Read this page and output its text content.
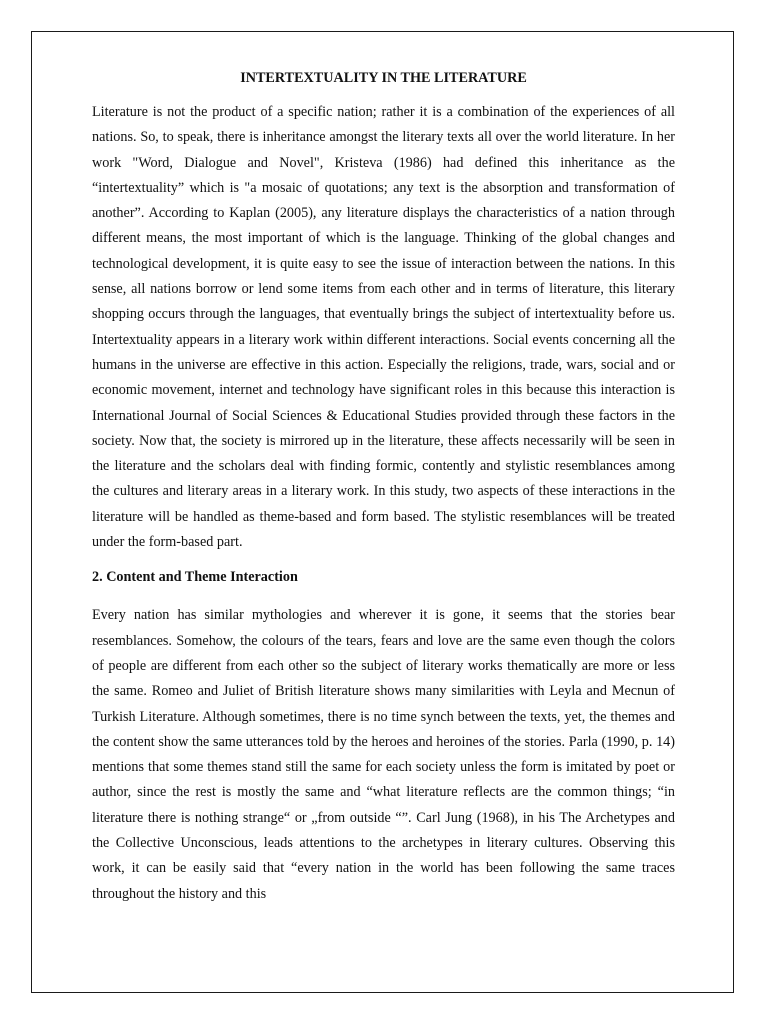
INTERTEXTUALITY IN THE LITERATURE

Literature is not the product of a specific nation; rather it is a combination of the experiences of all nations. So, to speak, there is inheritance amongst the literary texts all over the world literature. In her work "Word, Dialogue and Novel", Kristeva (1986) had defined this inheritance as the “intertextuality” which is "a mosaic of quotations; any text is the absorption and transformation of another”. According to Kaplan (2005), any literature displays the characteristics of a nation through different means, the most important of which is the language. Thinking of the global changes and technological development, it is quite easy to see the issue of interaction between the nations. In this sense, all nations borrow or lend some items from each other and in terms of literature, this literary shopping occurs through the languages, that eventually brings the subject of intertextuality before us. Intertextuality appears in a literary work within different interactions. Social events concerning all the humans in the universe are effective in this action. Especially the religions, trade, wars, social and or economic movement, internet and technology have significant roles in this because this interaction is International Journal of Social Sciences & Educational Studies provided through these factors in the society. Now that, the society is mirrored up in the literature, these affects necessarily will be seen in the literature and the scholars deal with finding formic, contently and stylistic resemblances among the cultures and literary areas in a literary work. In this study, two aspects of these interactions in the literature will be handled as theme-based and form based. The stylistic resemblances will be treated under the form-based part.

2. Content and Theme Interaction

Every nation has similar mythologies and wherever it is gone, it seems that the stories bear resemblances. Somehow, the colours of the tears, fears and love are the same even though the colors of people are different from each other so the subject of literary works thematically are more or less the same. Romeo and Juliet of British literature shows many similarities with Leyla and Mecnun of Turkish Literature. Although sometimes, there is no time synch between the texts, yet, the themes and the content show the same utterances told by the heroes and heroines of the stories. Parla (1990, p. 14) mentions that some themes stand still the same for each society unless the form is imitated by poet or author, since the rest is mostly the same and “what literature reflects are the common things; “in literature there is nothing strange“ or „from outside “”. Carl Jung (1968), in his The Archetypes and the Collective Unconscious, leads attentions to the archetypes in literary cultures. Observing this work, it can be easily said that “every nation in the world has been following the same traces throughout the history and this
